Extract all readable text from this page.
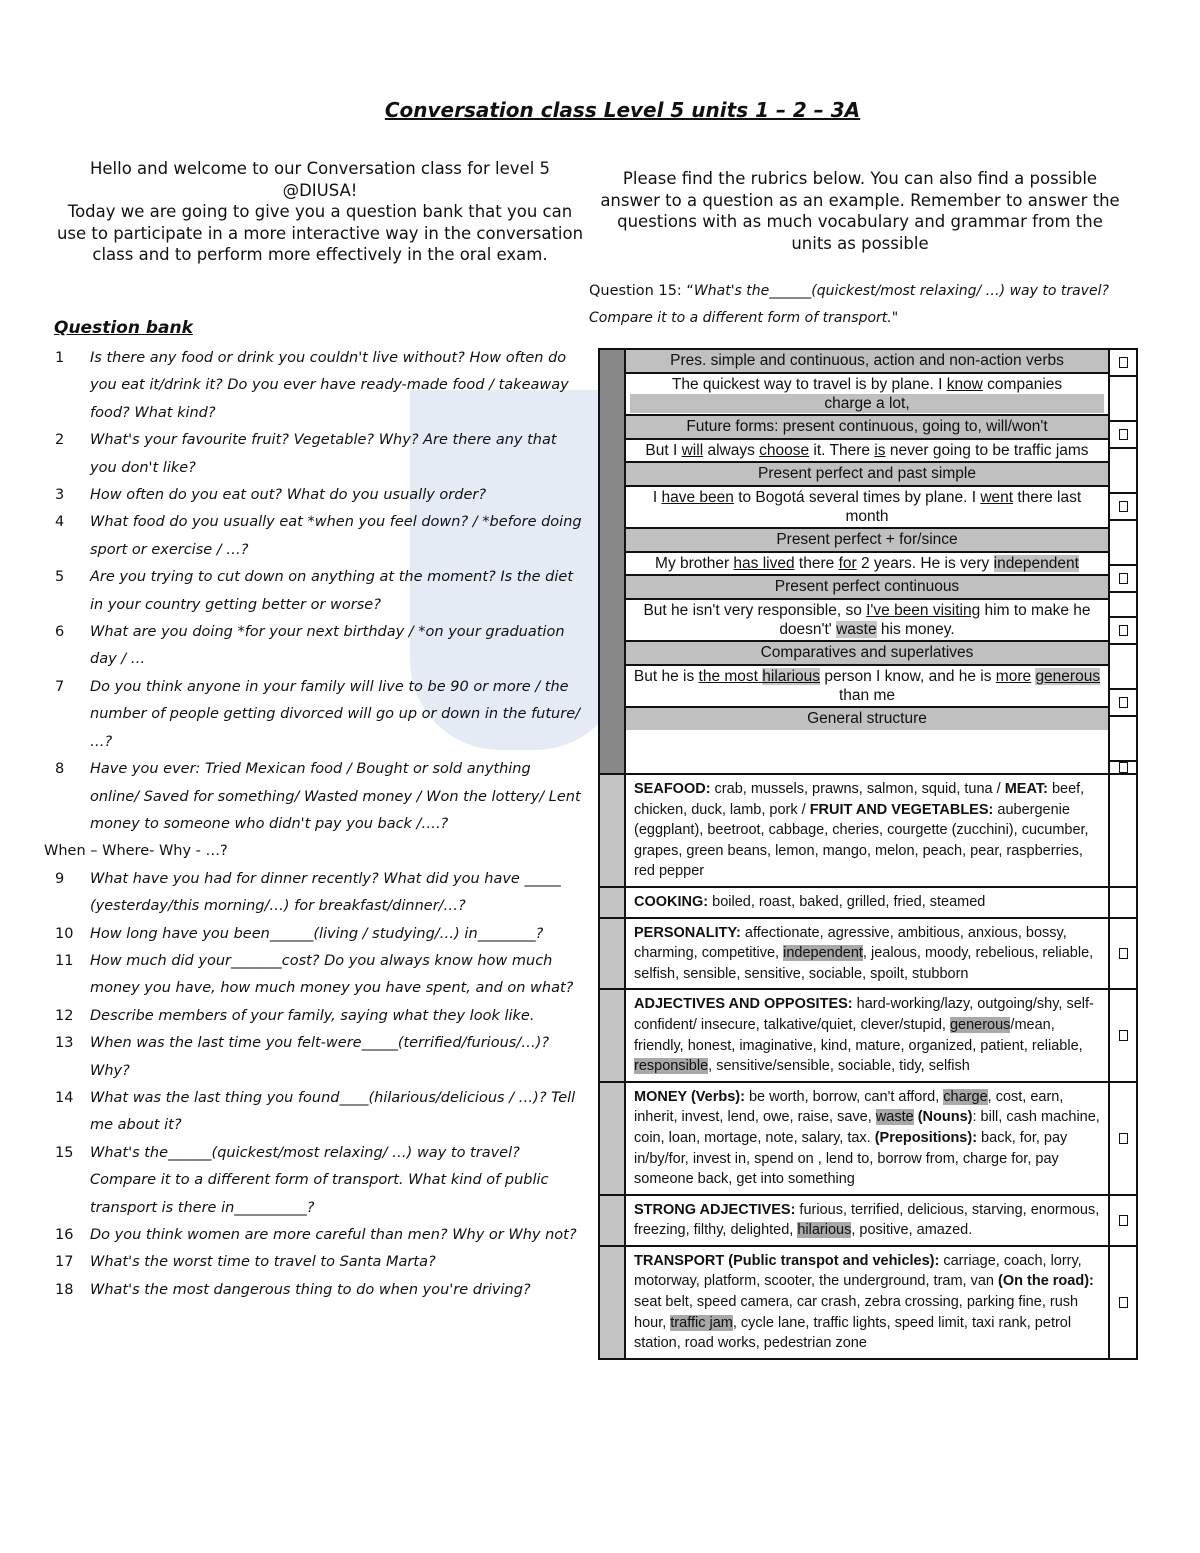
Conversation class Level 5 units 1 – 2 – 3A
Hello and welcome to our Conversation class for level 5 @DIUSA!
Today we are going to give you a question bank that you can use to participate in a more interactive way in the conversation class and to perform more effectively in the oral exam.
Question bank
1	Is there any food or drink you couldn't live without? How often do you eat it/drink it? Do you ever have ready-made food / takeaway food? What kind?
2	What's your favourite fruit? Vegetable? Why? Are there any that you don't like?
3	How often do you eat out? What do you usually order?
4	What food do you usually eat *when you feel down? / *before doing sport or exercise / …?
5	Are you trying to cut down on anything at the moment? Is the diet in your country getting better or worse?
6	What are you doing *for your next birthday / *on your graduation day / …
7	Do you think anyone in your family will live to be 90 or more / the number of people getting divorced will go up or down in the future/ …?
8	Have you ever: Tried Mexican food / Bought or sold anything online/ Saved for something/ Wasted money / Won the lottery/ Lent money to someone who didn't pay you back /….?
When – Where- Why - …?
9	What have you had for dinner recently? What did you have _____ (yesterday/this morning/…) for breakfast/dinner/…?
10	How long have you been______(living / studying/…) in________?
11	How much did your_______cost? Do you always know how much money you have, how much money you have spent, and on what?
12	Describe members of your family, saying what they look like.
13	When was the last time you felt-were_____(terrified/furious/…)? Why?
14	What was the last thing you found____(hilarious/delicious / …)? Tell me about it?
15	What's the______(quickest/most relaxing/ …) way to travel? Compare it to a different form of transport. What kind of public transport is there in__________?
16	Do you think women are more careful than men? Why or Why not?
17	What's the worst time to travel to Santa Marta?
18	What's the most dangerous thing to do when you're driving?
Please find the rubrics below. You can also find a possible answer to a question as an example. Remember to answer the questions with as much vocabulary and grammar from the units as possible
Question 15: “What's the______(quickest/most relaxing/ …) way to travel? Compare it to a different form of transport."
Pres. simple and continuous, action and non-action verbs
The quickest way to travel is by plane. I know companies charge a lot,
Future forms: present continuous, going to, will/won't
But I will always choose it. There is never going to be traffic jams
Present perfect and past simple
I have been to Bogotá several times by plane. I went there last month
Present perfect + for/since
My brother has lived there for 2 years. He is very independent
Present perfect continuous
But he isn't very responsible, so I've been visiting him to make he doesn't' waste his money.
Comparatives and superlatives
But he is the most hilarious person I know, and he is more generous than me
General structure
SEAFOOD: crab, mussels, prawns, salmon, squid, tuna / MEAT: beef, chicken, duck, lamb, pork / FRUIT AND VEGETABLES: aubergenie (eggplant), beetroot, cabbage, cheries, courgette (zucchini), cucumber, grapes, green beans, lemon, mango, melon, peach, pear, raspberries, red pepper
COOKING: boiled, roast, baked, grilled, fried, steamed
PERSONALITY: affectionate, agressive, ambitious, anxious, bossy, charming, competitive, independent, jealous, moody, rebelious, reliable, selfish, sensible, sensitive, sociable, spoilt, stubborn
ADJECTIVES AND OPPOSITES: hard-working/lazy, outgoing/shy, self-confident/ insecure, talkative/quiet, clever/stupid, generous/mean, friendly, honest, imaginative, kind, mature, organized, patient, reliable, responsible, sensitive/sensible, sociable, tidy, selfish
MONEY (Verbs): be worth, borrow, can't afford, charge, cost, earn, inherit, invest, lend, owe, raise, save, waste (Nouns): bill, cash machine, coin, loan, mortage, note, salary, tax. (Prepositions): back, for, pay in/by/for, invest in, spend on , lend to, borrow from, charge for, pay someone back, get into something
STRONG ADJECTIVES: furious, terrified, delicious, starving, enormous, freezing, filthy, delighted, hilarious, positive, amazed.
TRANSPORT (Public transpot and vehicles): carriage, coach, lorry, motorway, platform, scooter, the underground, tram, van (On the road): seat belt, speed camera, car crash, zebra crossing, parking fine, rush hour, traffic jam, cycle lane, traffic lights, speed limit, taxi rank, petrol station, road works, pedestrian zone
